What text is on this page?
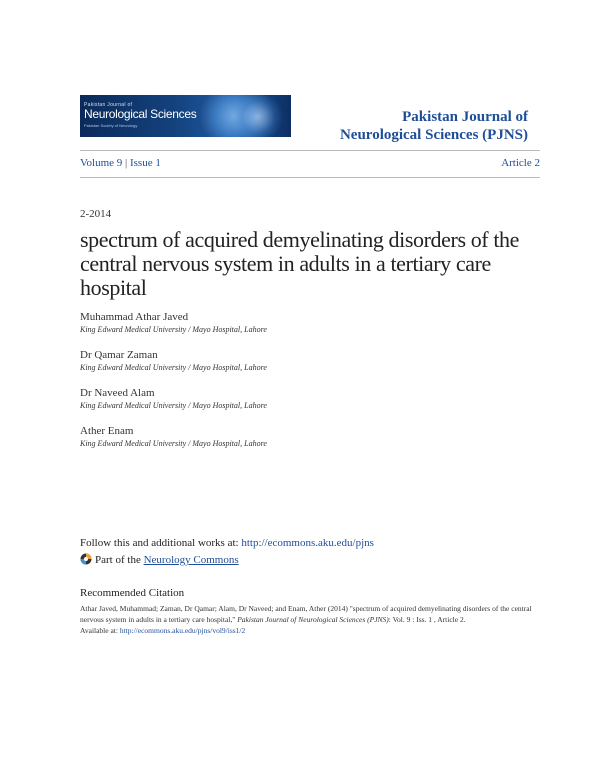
Pakistan Journal of
Neurological Sciences
Pakistan Society of Neurology
Pakistan Journal of
Neurological Sciences (PJNS)
Volume 9 | Issue 1	Article 2
2-2014
spectrum of acquired demyelinating disorders of the central nervous system in adults in a tertiary care hospital
Muhammad Athar Javed
King Edward Medical University / Mayo Hospital, Lahore
Dr Qamar Zaman
King Edward Medical University / Mayo Hospital, Lahore
Dr Naveed Alam
King Edward Medical University / Mayo Hospital, Lahore
Ather Enam
King Edward Medical University / Mayo Hospital, Lahore
Follow this and additional works at: http://ecommons.aku.edu/pjns
Part of the Neurology Commons
Recommended Citation
Athar Javed, Muhammad; Zaman, Dr Qamar; Alam, Dr Naveed; and Enam, Ather (2014) "spectrum of acquired demyelinating disorders of the central nervous system in adults in a tertiary care hospital," Pakistan Journal of Neurological Sciences (PJNS): Vol. 9 : Iss. 1 , Article 2.
Available at: http://ecommons.aku.edu/pjns/vol9/iss1/2
